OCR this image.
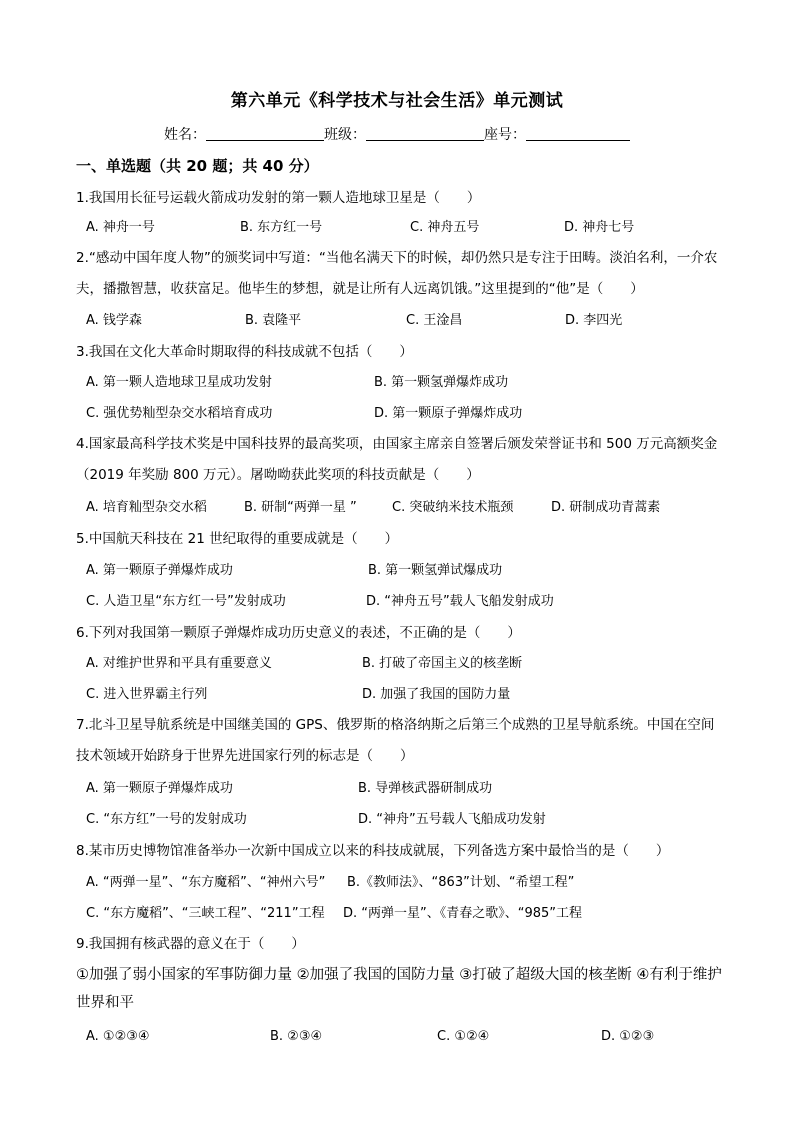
第六单元《科学技术与社会生活》单元测试
姓名：	班级：	座号：
一、单选题（共 20 题；共 40 分）
1.我国用长征号运载火箭成功发射的第一颗人造地球卫星是（　　）
A. 神舟一号	B. 东方红一号	C. 神舟五号	D. 神舟七号
2.“感动中国年度人物”的颁奖词中写道：“当他名满天下的时候，却仍然只是专注于田畴。淡泊名利，一介农夫，播撒智慧，收获富足。他毕生的梦想，就是让所有人远离饥饿。”这里提到的“他”是（　　）
A. 钱学森	B. 袁隆平	C. 王淦昌	D. 李四光
3.我国在文化大革命时期取得的科技成就不包括（　　）
A. 第一颗人造地球卫星成功发射	B. 第一颗氢弹爆炸成功
C. 强优势籼型杂交水稻培育成功	D. 第一颗原子弹爆炸成功
4.国家最高科学技术奖是中国科技界的最高奖项，由国家主席亲自签署后颁发荣誉证书和 500 万元高额奖金（2019 年奖励 800 万元）。屠呦呦获此奖项的科技贡献是（　　）
A. 培育籼型杂交水稻	B. 研制“两弹一星 ”	C. 突破纳米技术瓶颈	D. 研制成功青蒿素
5.中国航天科技在 21 世纪取得的重要成就是（　　）
A. 第一颗原子弹爆炸成功	B. 第一颗氢弹试爆成功
C. 人造卫星“东方红一号”发射成功	D. “神舟五号”载人飞船发射成功
6.下列对我国第一颗原子弹爆炸成功历史意义的表述，不正确的是（　　）
A. 对维护世界和平具有重要意义	B. 打破了帝国主义的核垄断
C. 进入世界霸主行列	D. 加强了我国的国防力量
7.北斗卫星导航系统是中国继美国的 GPS、俄罗斯的格洛纳斯之后第三个成熟的卫星导航系统。中国在空间技术领域开始跻身于世界先进国家行列的标志是（　　）
A. 第一颗原子弹爆炸成功	B. 导弹核武器研制成功
C. “东方红”一号的发射成功	D. “神舟”五号载人飞船成功发射
8.某市历史博物馆准备举办一次新中国成立以来的科技成就展，下列备选方案中最恰当的是（　　）
A. “两弹一星”、“东方魔稻”、“神州六号” B.《教师法》、“863”计划、“希望工程”
C. “东方魔稻”、“三峡工程”、“211”工程 D. “两弹一星”、《青春之歌》、“985”工程
9.我国拥有核武器的意义在于（　　）
①加强了弱小国家的军事防御力量 ②加强了我国的国防力量 ③打破了超级大国的核垄断 ④有利于维护世界和平
A. ①②③④	B. ②③④	C. ①②④	D. ①②③
